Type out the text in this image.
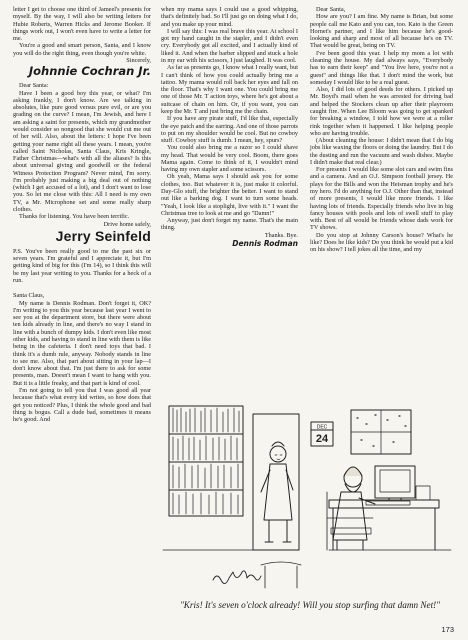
letter I get to choose one third of Jameel's presents for myself. By the way, I will also be writing letters for Hubie Roberts, Warren Hicks and Jerome Booker. If things work out, I won't even have to write a letter for me.

You're a good and smart person, Santa, and I know you will do the right thing, even though you're white.

Sincerely,

Johnnie Cochran Jr.

Dear Santa:

Have I been a good boy this year, or what? I'm asking frankly, I don't know. Are we talking in absolutes, like pure good versus pure evil, or are you grading on the curve? I mean, I'm Jewish, and here I am asking a saint for presents, which my grandmother would consider so nongood that she would cut me out of her will. Also, about the letters: I hope I've been getting your name right all these years. I mean, you're called Saint Nicholas, Santa Claus, Kris Kringle, Father Christmas—what's with all the aliases? Is this about universal giving and goodwill or the federal Witness Protection Program? Never mind, I'm sorry. I'm probably just making a big deal out of nothing (which I get accused of a lot), and I don't want to lose you. So let me close with this: All I need is my own TV, a Mr. Microphone set and some really sharp clothes.

Thanks for listening. You have been terrific.

Drive home safely,

Jerry Seinfeld

P.S. You've been really good to me the past six or seven years. I'm grateful and I appreciate it, but I'm getting kind of big for this (I'm 14), so I think this will be my last year writing to you. Thanks for a heck of a run.

Santa Claus,

My name is Dennis Rodman. Don't forget it, OK? I'm writing to you this year because last year I went to see you at the department store, but there were about ten kids already in line, and there's no way I stand in line with a bunch of dumpy kids. I don't even like most other kids, and having to stand in line with them is like being in the cafeteria. I don't need toys that bad. I think it's a dumb rule, anyway. Nobody stands in line to see me. Also, that part about sitting in your lap—I don't know about that. I'm just there to ask for some presents, man. Doesn't mean I want to hang with you. But it is a little freaky, and that part is kind of cool.

I'm not going to tell you that I was good all year because that's what every kid writes, so how does that get you noticed? Plus, I think the whole good and bad thing is bogus. Call a dude bad, sometimes it means he's good. And

when my mama says I could use a good whipping, that's definitely bad. So I'll just go on doing what I do, and you make up your mind.

I will say this: I was real brave this year. At school I got my hand caught in the stapler, and I didn't even cry. Everybody got all excited, and I actually kind of liked it. And when the barber slipped and stuck a hole in my ear with his scissors, I just laughed. It was cool.

As far as presents go, I know what I really want, but I can't think of how you could actually bring me a tattoo. My mama would roll back her eyes and fall on the floor. That's why I want one. You could bring me one of those Mr. T action toys, where he's got about a suitcase of chain on him. Or, if you want, you can keep the Mr. T and just bring me the chain.

If you have any pirate stuff, I'd like that, especially the eye patch and the earring. And one of those parrots to put on my shoulder would be cool. But no cowboy stuff. Cowboy stuff is dumb. I mean, hey, spurs?

You could also bring me a razor so I could shave my head. That would be very cool. Boom, there goes Mama again. Come to think of it, I wouldn't mind having my own stapler and some scissors.

Oh yeah, Mama says I should ask you for some clothes, too. But whatever it is, just make it colorful. Day-Glo stuff, the brighter the better. I want to stand out like a barking dog. I want to turn some heads. "Yeah, I look like a stoplight, live with it." I want the Christmas tree to look at me and go "Damn!"

Anyway, just don't forget my name. That's the main thing.

Thanks. Bye.

Dennis Rodman

Dear Santa,

How are you? I am fine. My name is Brian, but some people call me Kato and you can, too. Kato is the Green Hornet's partner, and I like him because he's good-looking and sharp and most of all because he's on TV. That would be great, being on TV.

I've been good this year. I help my mom a lot with cleaning the house. My dad always says, "Everybody has to earn their keep" and "You live here, you're not a guest" and things like that. I don't mind the work, but someday I would like to be a real guest.

Also, I did lots of good deeds for others. I picked up Mr. Boyd's mail when he was arrested for driving bad and helped the Stockers clean up after their playroom caught fire. When Lee Bloom was going to get spanked for breaking a window, I told how we were at a roller rink together when it happened. I like helping people who are having trouble.

(About cleaning the house: I didn't mean that I do big jobs like waxing the floors or doing the laundry. But I do the dusting and run the vacuum and wash dishes. Maybe I didn't make that real clear.)

For presents I would like some slot cars and swim fins and a camera. And an O.J. Simpson football jersey. He plays for the Bills and won the Heisman trophy and he's my hero. I'd do anything for O.J. Other than that, instead of more presents, I would like more friends. I like having lots of friends. Especially friends who live in big fancy houses with pools and lots of swell stuff to play with. Best of all would be friends whose dads work for TV shows.

Do you stop at Johnny Carson's house? What's he like? Does he like kids? Do you think he would put a kid on his show? I tell jokes all the time, and my

DEC
24

"Kris! It's seven o'clock already! Will you stop surfing that damn Net!"

173
